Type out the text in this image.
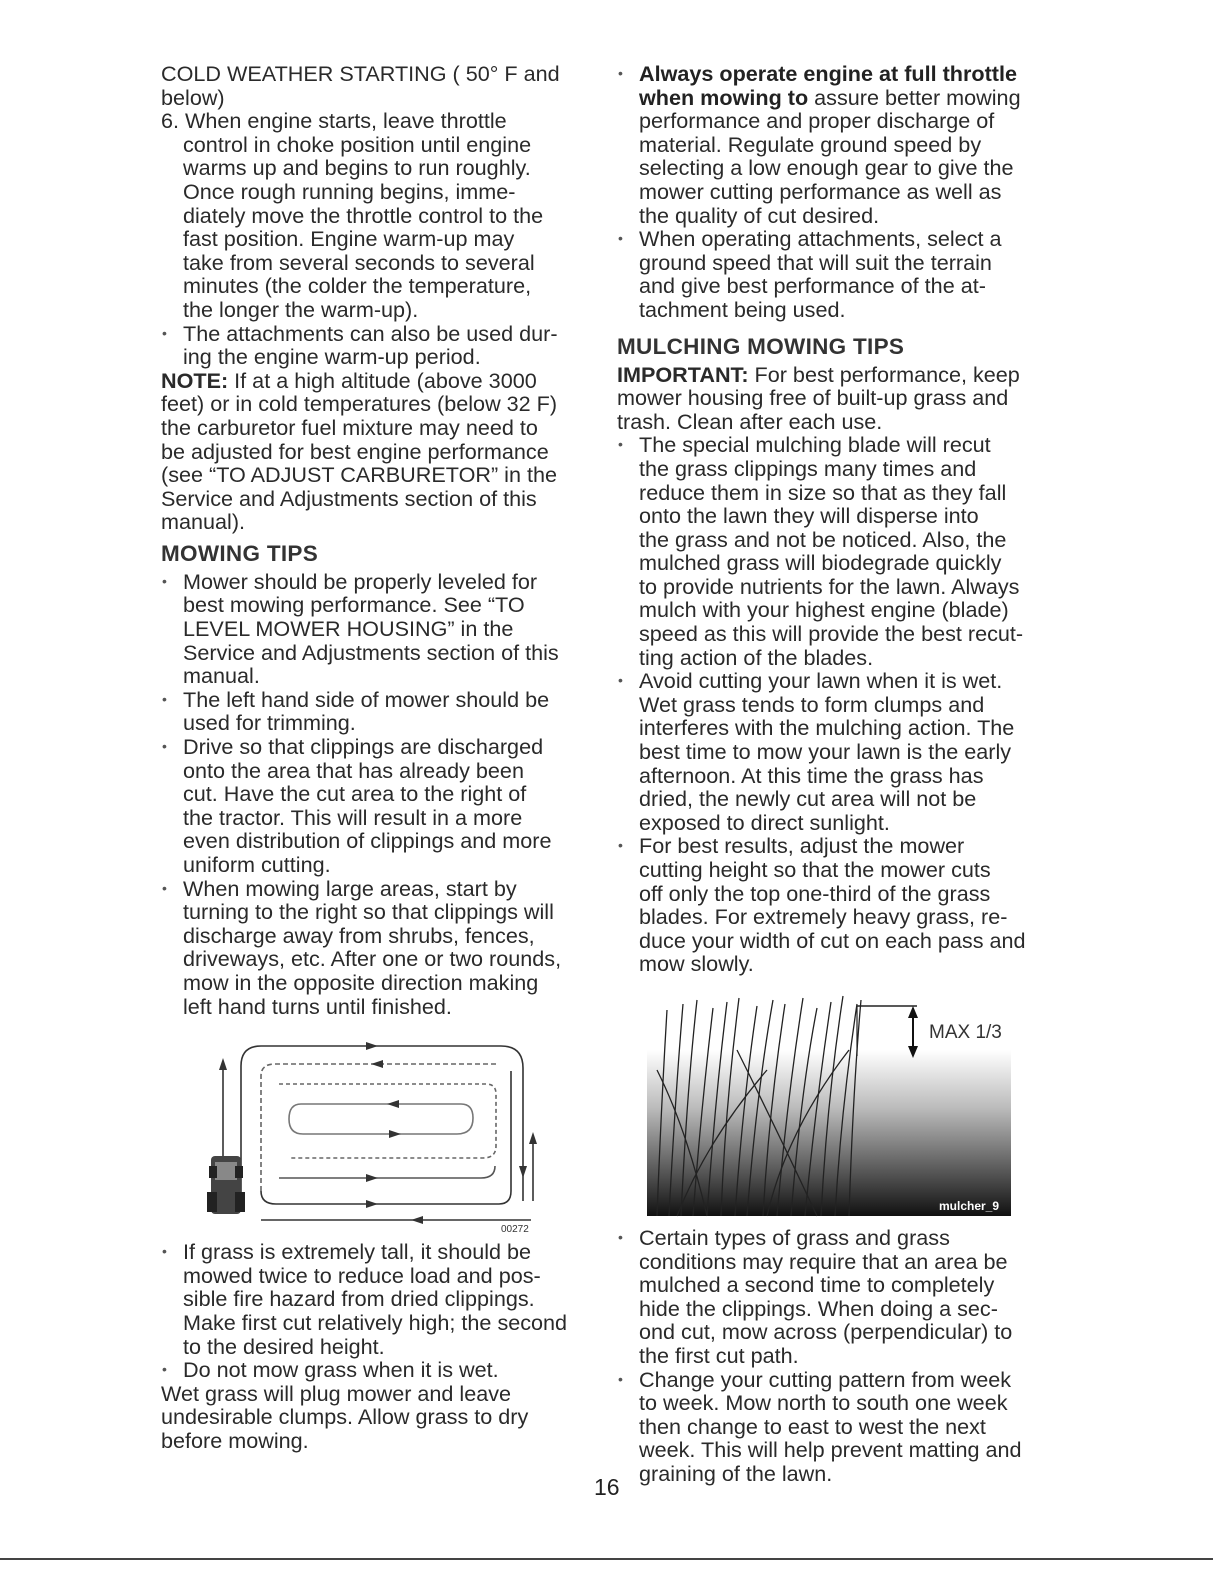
COLD WEATHER STARTING ( 50° F and
below)
6. When engine starts, leave throttle
control in choke position until engine
warms up and begins to run roughly.
Once rough running begins, imme-
diately move the throttle control to the
fast position. Engine warm-up may
take from several seconds to several
minutes (the colder the temperature,
the longer the warm-up).
• The attachments can also be used dur-
ing the engine warm-up period.
NOTE: If at a high altitude (above 3000
feet) or in cold temperatures (below 32 F)
the carburetor fuel mixture may need to
be adjusted for best engine performance
(see “TO ADJUST CARBURETOR” in the
Service and Adjustments section of this
manual).
MOWING TIPS
• Mower should be properly leveled for
best mowing performance. See “TO
LEVEL MOWER HOUSING” in the
Service and Adjustments section of this
manual.
• The left hand side of mower should be
used for trimming.
• Drive so that clippings are discharged
onto the area that has already been
cut. Have the cut area to the right of
the tractor. This will result in a more
even distribution of clippings and more
uniform cutting.
• When mowing large areas, start by
turning to the right so that clippings will
discharge away from shrubs, fences,
driveways, etc. After one or two rounds,
mow in the opposite direction making
left hand turns until finished.
00272
• If grass is extremely tall, it should be
mowed twice to reduce load and pos-
sible fire hazard from dried clippings.
Make first cut relatively high; the second
to the desired height.
• Do not mow grass when it is wet.
Wet grass will plug mower and leave
undesirable clumps. Allow grass to dry
before mowing.
• Always operate engine at full throttle
when mowing to assure better mowing
performance and proper discharge of
material. Regulate ground speed by
selecting a low enough gear to give the
mower cutting performance as well as
the quality of cut desired.
• When operating attachments, select a
ground speed that will suit the terrain
and give best performance of the at-
tachment being used.
MULCHING MOWING TIPS
IMPORTANT: For best performance, keep
mower housing free of built-up grass and
trash. Clean after each use.
• The special mulching blade will recut
the grass clippings many times and
reduce them in size so that as they fall
onto the lawn they will disperse into
the grass and not be noticed. Also, the
mulched grass will biodegrade quickly
to provide nutrients for the lawn. Always
mulch with your highest engine (blade)
speed as this will provide the best recut-
ting action of the blades.
• Avoid cutting your lawn when it is wet.
Wet grass tends to form clumps and
interferes with the mulching action. The
best time to mow your lawn is the early
afternoon. At this time the grass has
dried, the newly cut area will not be
exposed to direct sunlight.
• For best results, adjust the mower
cutting height so that the mower cuts
off only the top one-third of the grass
blades. For extremely heavy grass, re-
duce your width of cut on each pass and
mow slowly.
MAX 1/3
mulcher_9
• Certain types of grass and grass
conditions may require that an area be
mulched a second time to completely
hide the clippings. When doing a sec-
ond cut, mow across (perpendicular) to
the first cut path.
• Change your cutting pattern from week
to week. Mow north to south one week
then change to east to west the next
week. This will help prevent matting and
graining of the lawn.
16
